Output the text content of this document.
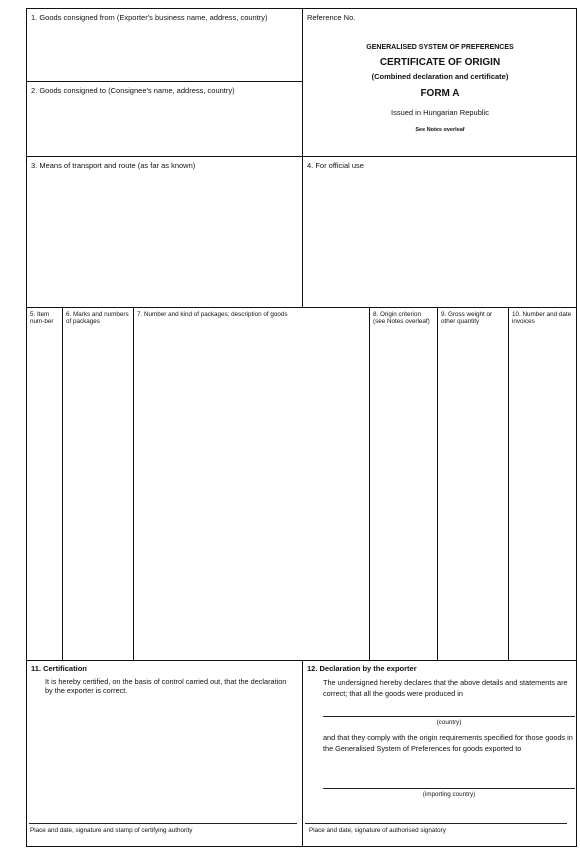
1. Goods consigned from (Exporter's business name, address, country)
2. Goods consigned to (Consignee's name, address, country)
Reference No.
GENERALISED SYSTEM OF PREFERENCES
CERTIFICATE OF ORIGIN
(Combined declaration and certificate)
FORM A
Issued in Hungarian Republic
See Notes overleaf
3. Means of transport and route (as far as known)	4. For official use
5. Item num-ber
6. Marks and numbers of packages
7. Number and kind of packages; description of goods	8. Origin criterion (see Notes overleaf)
9. Gross weight or other quantity
10. Number and date invoices
11. Certification
It is hereby certified, on the basis of control carried out, that the declaration by the exporter is correct.
Place and date, signature and stamp of certifying authority
12. Declaration by the exporter
The undersigned hereby declares that the above details and statements are correct; that all the goods were produced in
(country)
and that they comply with the origin requirements specified for those goods in the Generalised System of Preferences for goods exported to
(importing country)
Place and date, signature of authorised signatory
